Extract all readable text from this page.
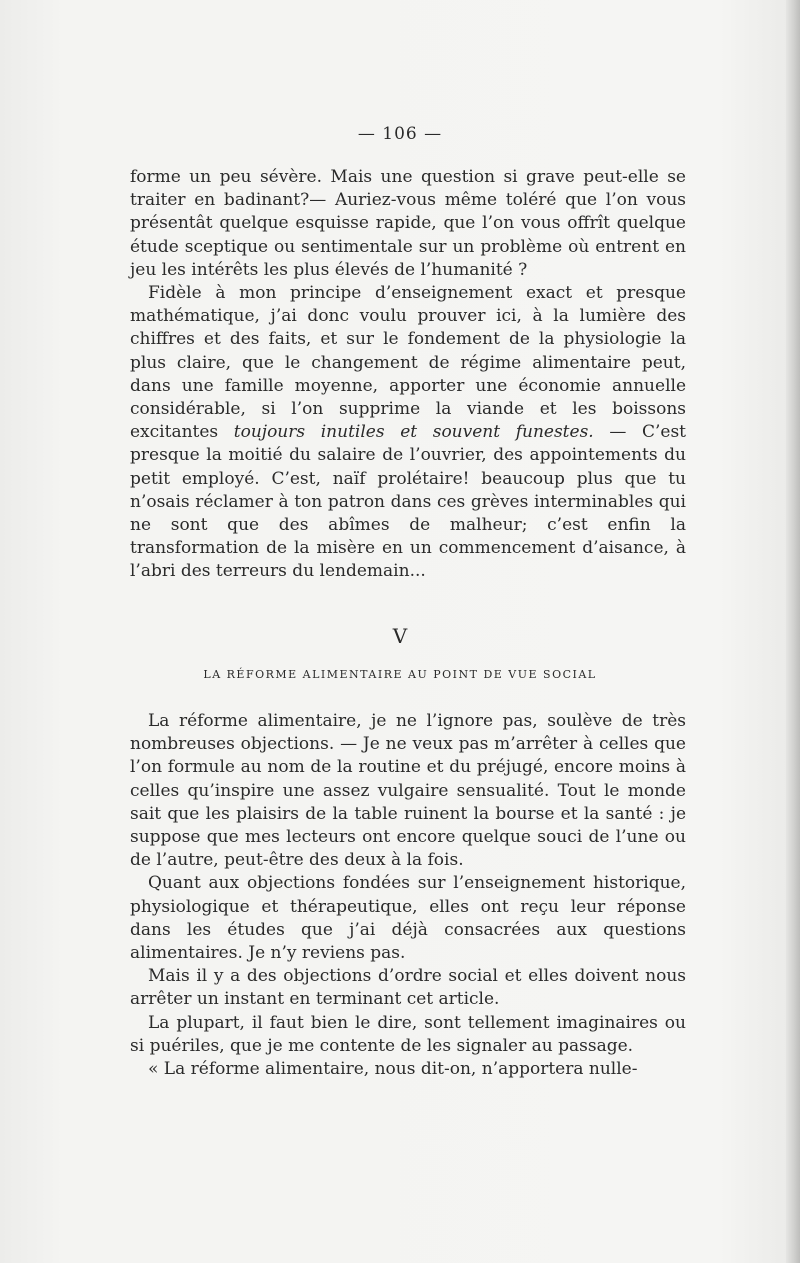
— 106 —

forme un peu sévère. Mais une question si grave peut-elle se traiter en badinant?— Auriez-vous même toléré que l’on vous présentât quelque esquisse rapide, que l’on vous offrît quelque étude sceptique ou sentimentale sur un problème où entrent en jeu les intérêts les plus élevés de l’humanité ?

Fidèle à mon principe d’enseignement exact et presque mathématique, j’ai donc voulu prouver ici, à la lumière des chiffres et des faits, et sur le fondement de la physiologie la plus claire, que le changement de régime alimentaire peut, dans une famille moyenne, apporter une économie annuelle considérable, si l’on supprime la viande et les boissons excitantes toujours inutiles et souvent funestes. — C’est presque la moitié du salaire de l’ouvrier, des appointements du petit employé. C’est, naïf prolétaire! beaucoup plus que tu n’osais réclamer à ton patron dans ces grèves interminables qui ne sont que des abîmes de malheur; c’est enfin la transformation de la misère en un commencement d’aisance, à l’abri des terreurs du lendemain...

V
LA RÉFORME ALIMENTAIRE AU POINT DE VUE SOCIAL

La réforme alimentaire, je ne l’ignore pas, soulève de très nombreuses objections. — Je ne veux pas m’arrêter à celles que l’on formule au nom de la routine et du préjugé, encore moins à celles qu’inspire une assez vulgaire sensualité. Tout le monde sait que les plaisirs de la table ruinent la bourse et la santé : je suppose que mes lecteurs ont encore quelque souci de l’une ou de l’autre, peut-être des deux à la fois.

Quant aux objections fondées sur l’enseignement historique, physiologique et thérapeutique, elles ont reçu leur réponse dans les études que j’ai déjà consacrées aux questions alimentaires. Je n’y reviens pas.

Mais il y a des objections d’ordre social et elles doivent nous arrêter un instant en terminant cet article.

La plupart, il faut bien le dire, sont tellement imaginaires ou si puériles, que je me contente de les signaler au passage.

« La réforme alimentaire, nous dit-on, n’apportera nulle-
